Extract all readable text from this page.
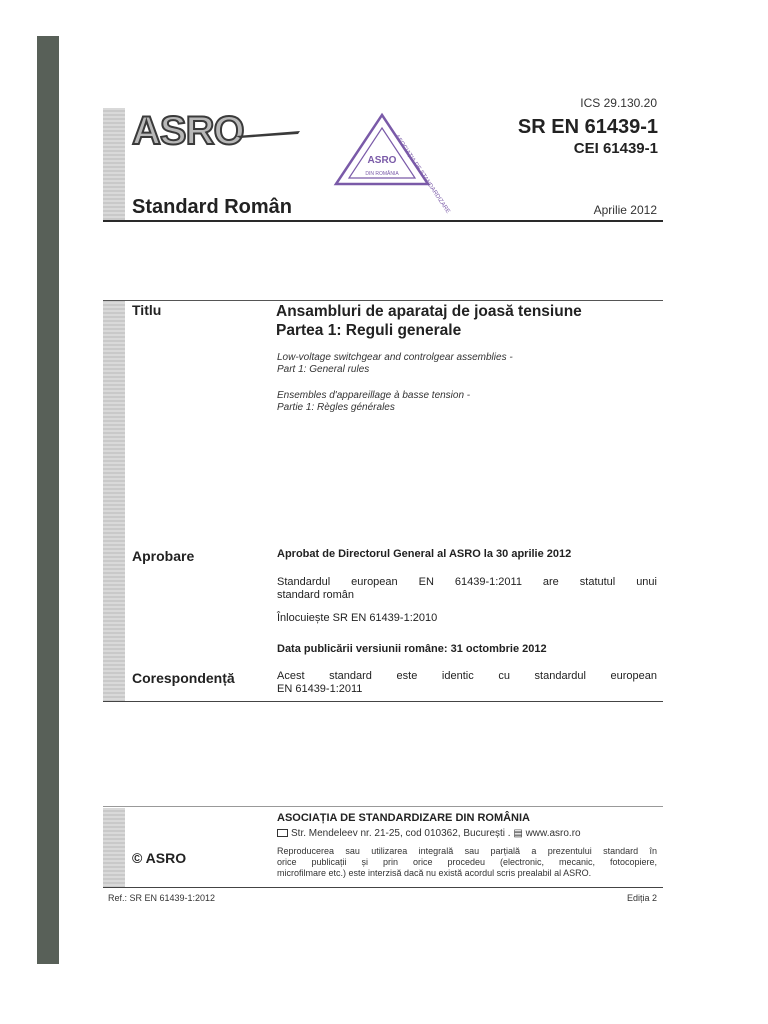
ASRO
ICS 29.130.20
SR EN 61439-1
CEI 61439-1
ASRO
ASOCIAȚIA DE STANDARDIZARE
DIN ROMÂNIA
Standard Român	Aprilie 2012
Titlu	Ansambluri de aparataj de joasă tensiune
Partea 1: Reguli generale
Low-voltage switchgear and controlgear assemblies -
Part 1: General rules
Ensembles d'appareillage à basse tension -
Partie 1: Règles générales
Aprobare	Aprobat de Directorul General al ASRO la 30 aprilie 2012
Standardul european EN 61439-1:2011 are statutul unui
standard român
Înlocuiește SR EN 61439-1:2010
Data publicării versiunii române: 31 octombrie 2012
Corespondență	Acest standard este identic cu standardul european
EN 61439-1:2011
ASOCIAȚIA DE STANDARDIZARE DIN ROMÂNIA
Str. Mendeleev nr. 21-25, cod 010362, București . ▤ www.asro.ro
© ASRO	Reproducerea sau utilizarea integrală sau parțială a prezentului standard în
orice publicații și prin orice procedeu (electronic, mecanic, fotocopiere,
microfilmare etc.) este interzisă dacă nu există acordul scris prealabil al ASRO.
Ref.: SR EN 61439-1:2012	Ediția 2
